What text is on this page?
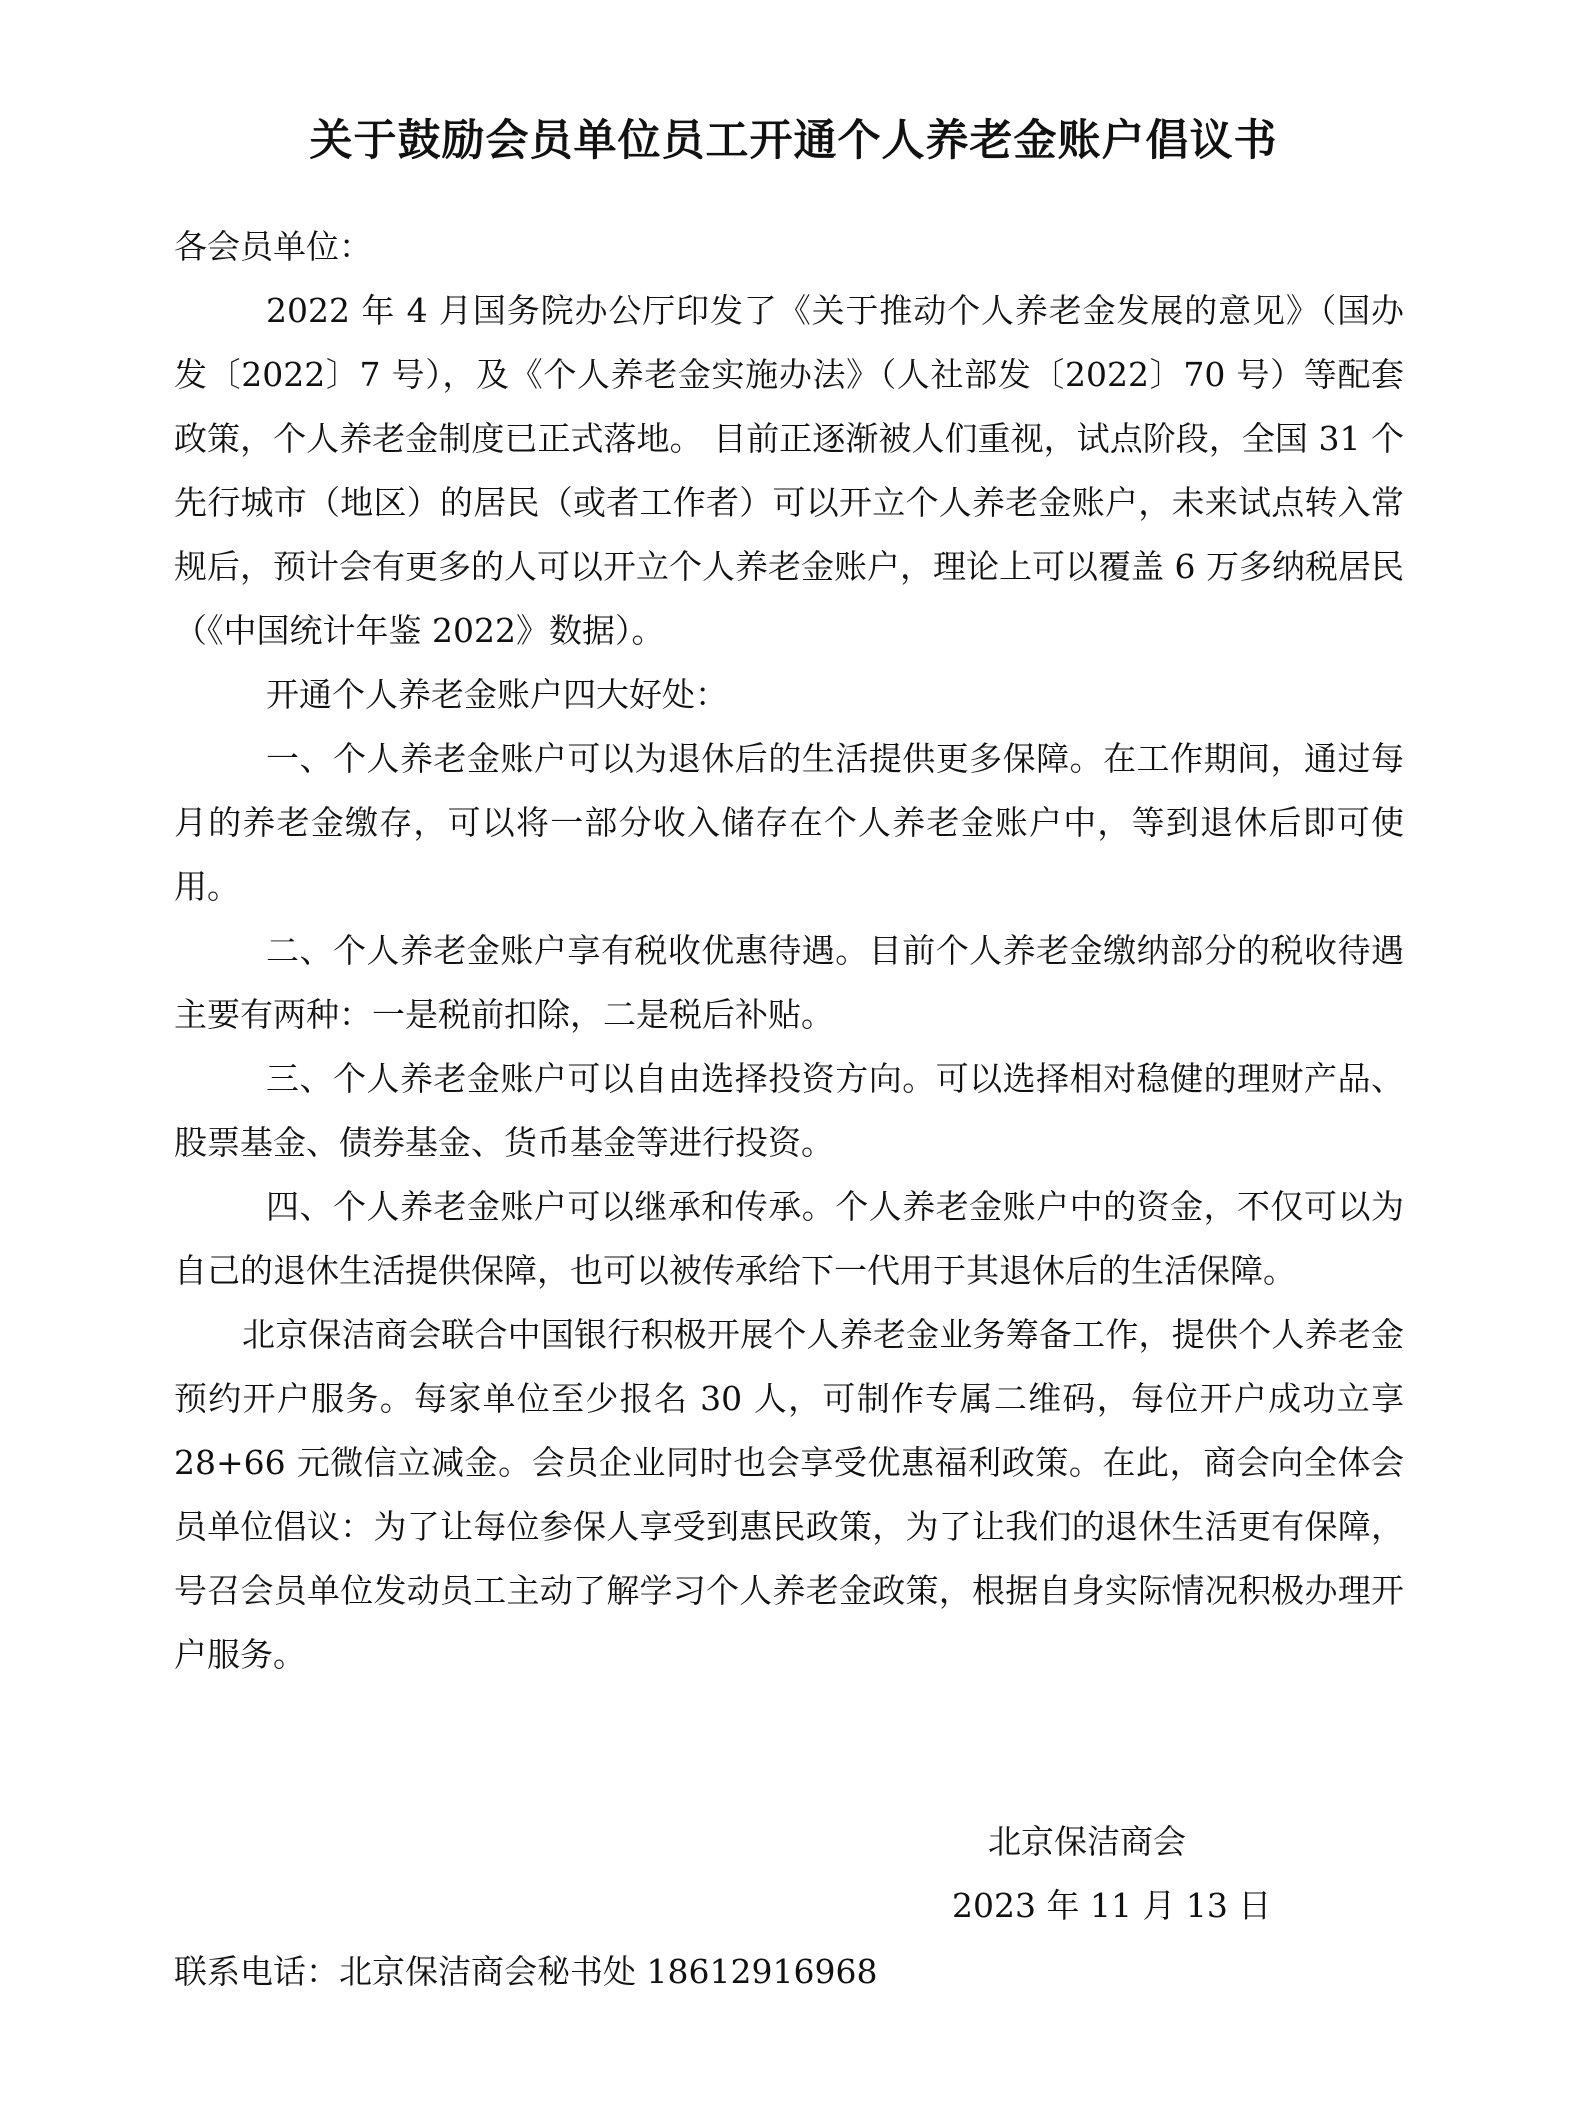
关于鼓励会员单位员工开通个人养老金账户倡议书

各会员单位：

2022 年 4 月国务院办公厅印发了《关于推动个人养老金发展的意见》（国办发〔2022〕7 号），及《个人养老金实施办法》（人社部发〔2022〕70 号）等配套政策，个人养老金制度已正式落地。 目前正逐渐被人们重视，试点阶段，全国 31 个先行城市（地区）的居民（或者工作者）可以开立个人养老金账户，未来试点转入常规后，预计会有更多的人可以开立个人养老金账户，理论上可以覆盖 6 万多纳税居民（《中国统计年鉴 2022》数据）。

开通个人养老金账户四大好处：

一、个人养老金账户可以为退休后的生活提供更多保障。在工作期间，通过每月的养老金缴存，可以将一部分收入储存在个人养老金账户中，等到退休后即可使用。

二、个人养老金账户享有税收优惠待遇。目前个人养老金缴纳部分的税收待遇主要有两种：一是税前扣除，二是税后补贴。

三、个人养老金账户可以自由选择投资方向。可以选择相对稳健的理财产品、股票基金、债券基金、货币基金等进行投资。

四、个人养老金账户可以继承和传承。个人养老金账户中的资金，不仅可以为自己的退休生活提供保障，也可以被传承给下一代用于其退休后的生活保障。

北京保洁商会联合中国银行积极开展个人养老金业务筹备工作，提供个人养老金预约开户服务。每家单位至少报名 30 人，可制作专属二维码，每位开户成功立享 28+66 元微信立减金。会员企业同时也会享受优惠福利政策。在此，商会向全体会员单位倡议：为了让每位参保人享受到惠民政策，为了让我们的退休生活更有保障，号召会员单位发动员工主动了解学习个人养老金政策，根据自身实际情况积极办理开户服务。

北京保洁商会

2023 年 11 月 13 日

联系电话：北京保洁商会秘书处 18612916968
